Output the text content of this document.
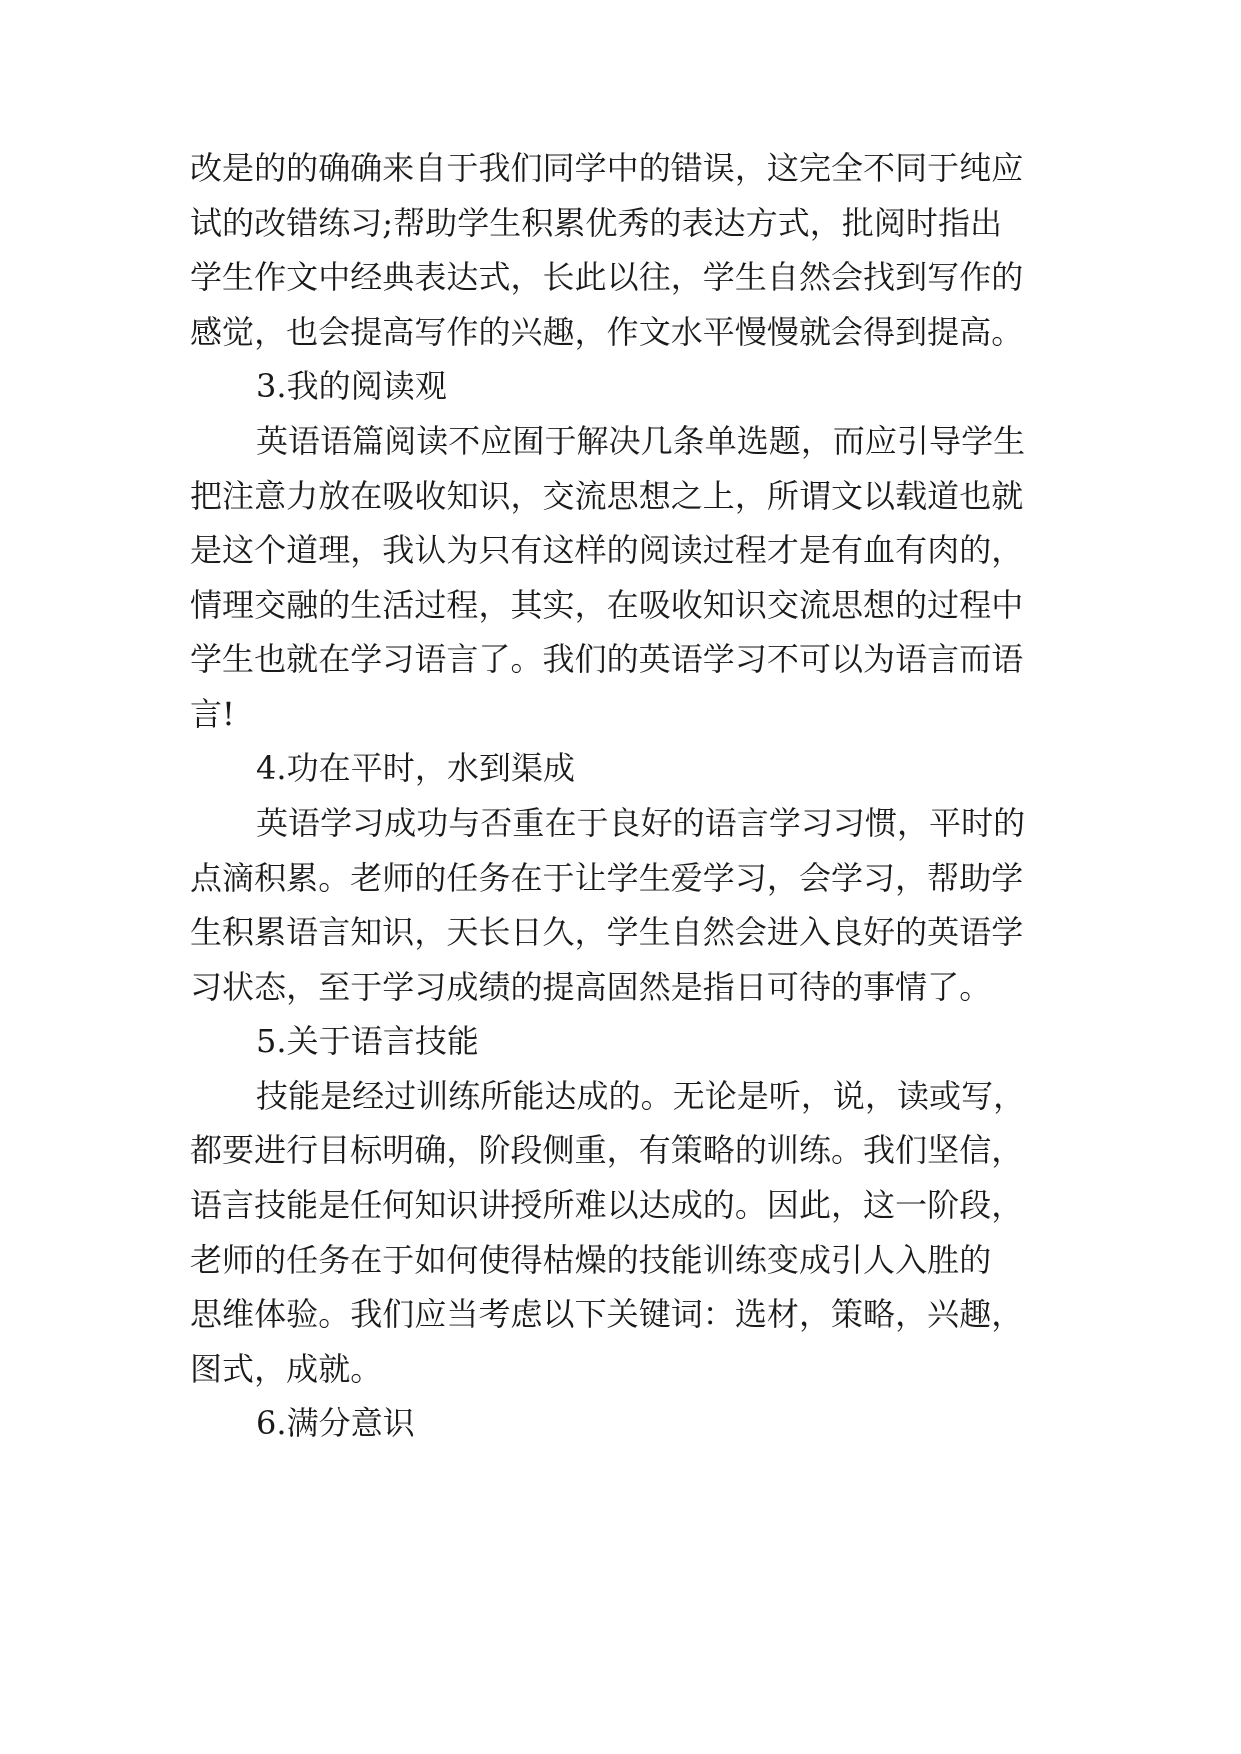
改是的的确确来自于我们同学中的错误，这完全不同于纯应
试的改错练习;帮助学生积累优秀的表达方式，批阅时指出
学生作文中经典表达式，长此以往，学生自然会找到写作的
感觉，也会提高写作的兴趣，作文水平慢慢就会得到提高。
3.我的阅读观
英语语篇阅读不应囿于解决几条单选题，而应引导学生
把注意力放在吸收知识，交流思想之上，所谓文以载道也就
是这个道理，我认为只有这样的阅读过程才是有血有肉的，
情理交融的生活过程，其实，在吸收知识交流思想的过程中
学生也就在学习语言了。我们的英语学习不可以为语言而语
言!
4.功在平时，水到渠成
英语学习成功与否重在于良好的语言学习习惯，平时的
点滴积累。老师的任务在于让学生爱学习，会学习，帮助学
生积累语言知识，天长日久，学生自然会进入良好的英语学
习状态，至于学习成绩的提高固然是指日可待的事情了。
5.关于语言技能
技能是经过训练所能达成的。无论是听，说，读或写，
都要进行目标明确，阶段侧重，有策略的训练。我们坚信，
语言技能是任何知识讲授所难以达成的。因此，这一阶段，
老师的任务在于如何使得枯燥的技能训练变成引人入胜的
思维体验。我们应当考虑以下关键词：选材，策略，兴趣，
图式，成就。
6.满分意识
